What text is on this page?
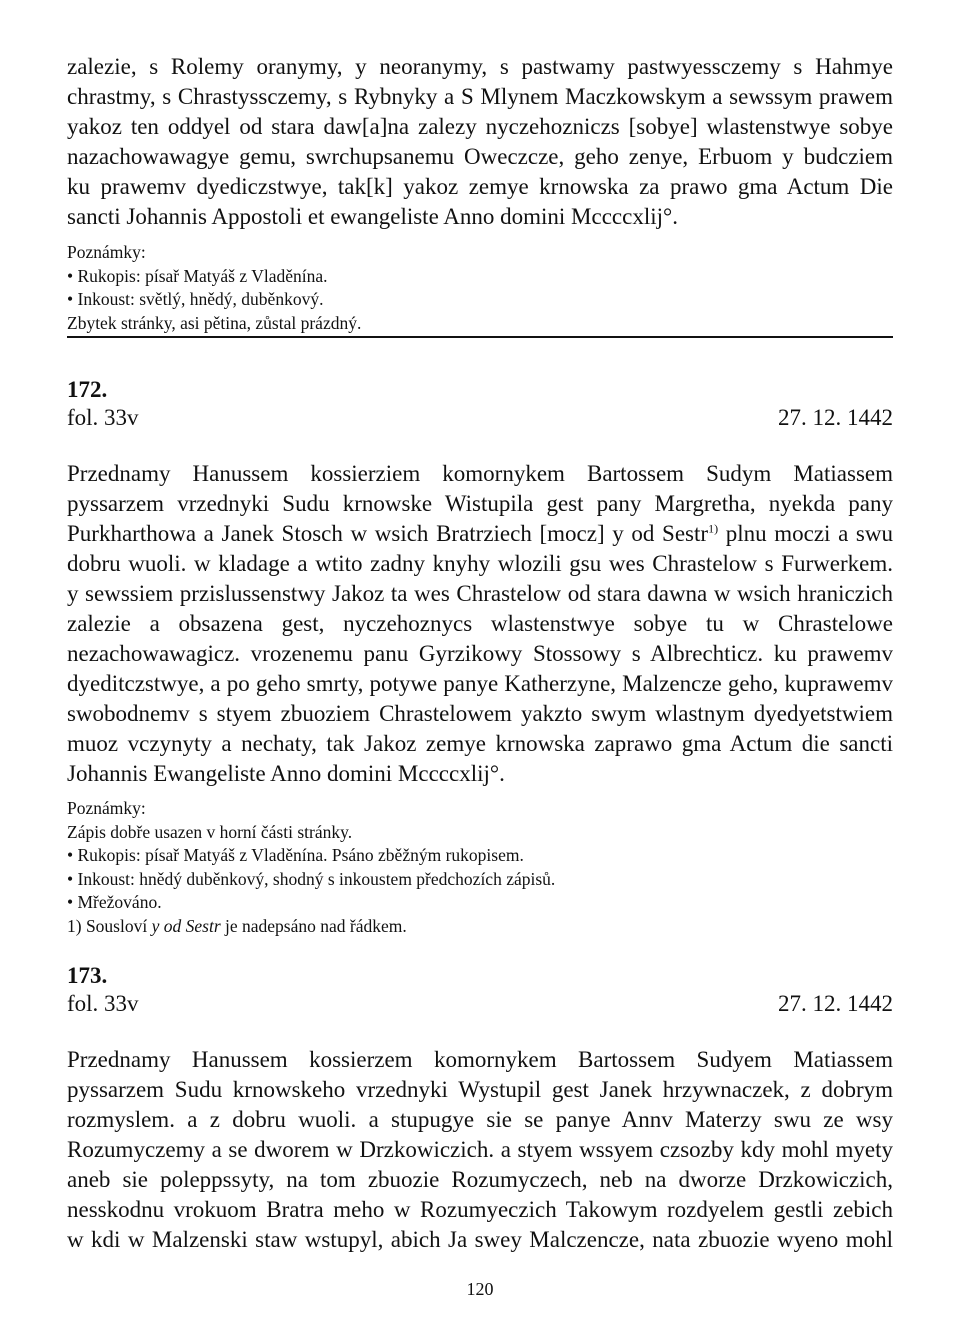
zalezie, s Rolemy oranymy, y neoranymy, s pastwamy pastwyessczemy s Hahmye
chrastmy, s Chrastyssczemy, s Rybnyky a S Mlynem Maczkowskym a sewssym prawem
yakoz ten oddyel od stara daw[a]na zalezy nyczehozniczs [sobye] wlastenstwye sobye
nazachowawagye gemu, swrchupsanemu Oweczcze, geho zenye, Erbuom y budcziem
ku prawemv dyediczstwye, tak[k] yakoz zemye krnowska za prawo gma Actum Die
sancti Johannis Appostoli et ewangeliste Anno domini Mccccxlij°.
Poznámky:
• Rukopis: písař Matyáš z Vladěnína.
• Inkoust: světlý, hnědý, duběnkový.
Zbytek stránky, asi pětina, zůstal prázdný.

172.

fol. 33v	27. 12. 1442
Przednamy Hanussem kossierziem komornykem Bartossem Sudym Matiassem
pyssarzem vrzednyki Sudu krnowske Wistupila gest pany Margretha, nyekda pany
Purkharthowa a Janek Stosch w wsich Bratrziech [mocz] y od Sestr$^{1)}$ plnu moczi a swu
dobru wuoli. w kladage a wtito zadny knyhy wlozili gsu wes Chrastelow s Furwerkem.
y sewssiem przislussenstwy Jakoz ta wes Chrastelow od stara dawna w wsich hraniczich
zalezie a obsazena gest, nyczehoznycs wlastenstwye sobye tu w Chrastelowe
nezachowawagicz. vrozenemu panu Gyrzikowy Stossowy s Albrechticz. ku prawemv
dyeditczstwye, a po geho smrty, potywe panye Katherzyne, Malzencze geho, kuprawemv
swobodnemv s styem zbuoziem Chrastelowem yakzto swym wlastnym dyedyetstwiem
muoz vczynyty a nechaty, tak Jakoz zemye krnowska zaprawo gma Actum die sancti
Johannis Ewangeliste Anno domini Mccccxlij°.
Poznámky:
Zápis dobře usazen v horní části stránky.
• Rukopis: písař Matyáš z Vladěnína. Psáno zběžným rukopisem.
• Inkoust: hnědý duběnkový, shodný s inkoustem předchozích zápisů.
• Mřežováno.
1) Sousloví y od Sestr je nadepsáno nad řádkem.

173.

fol. 33v	27. 12. 1442
Przednamy Hanussem kossierzem komornykem Bartossem Sudyem Matiassem
pyssarzem Sudu krnowskeho vrzednyki Wystupil gest Janek hrzywnaczek, z dobrym
rozmyslem. a z dobru wuoli. a stupugye sie se panye Annv Materzy swu ze wsy
Rozumyczemy a se dworem w Drzkowiczich. a styem wssyem czsozby kdy mohl myety
aneb sie poleppssyty, na tom zbuozie Rozumyczech, neb na dworze Drzkowiczich,
nesskodnu vrokuom Bratra meho w Rozumyeczich Takowym rozdyelem gestli zebich
w kdi w Malzenski staw wstupyl, abich Ja swey Malczencze, nata zbuozie wyeno mohl
120
